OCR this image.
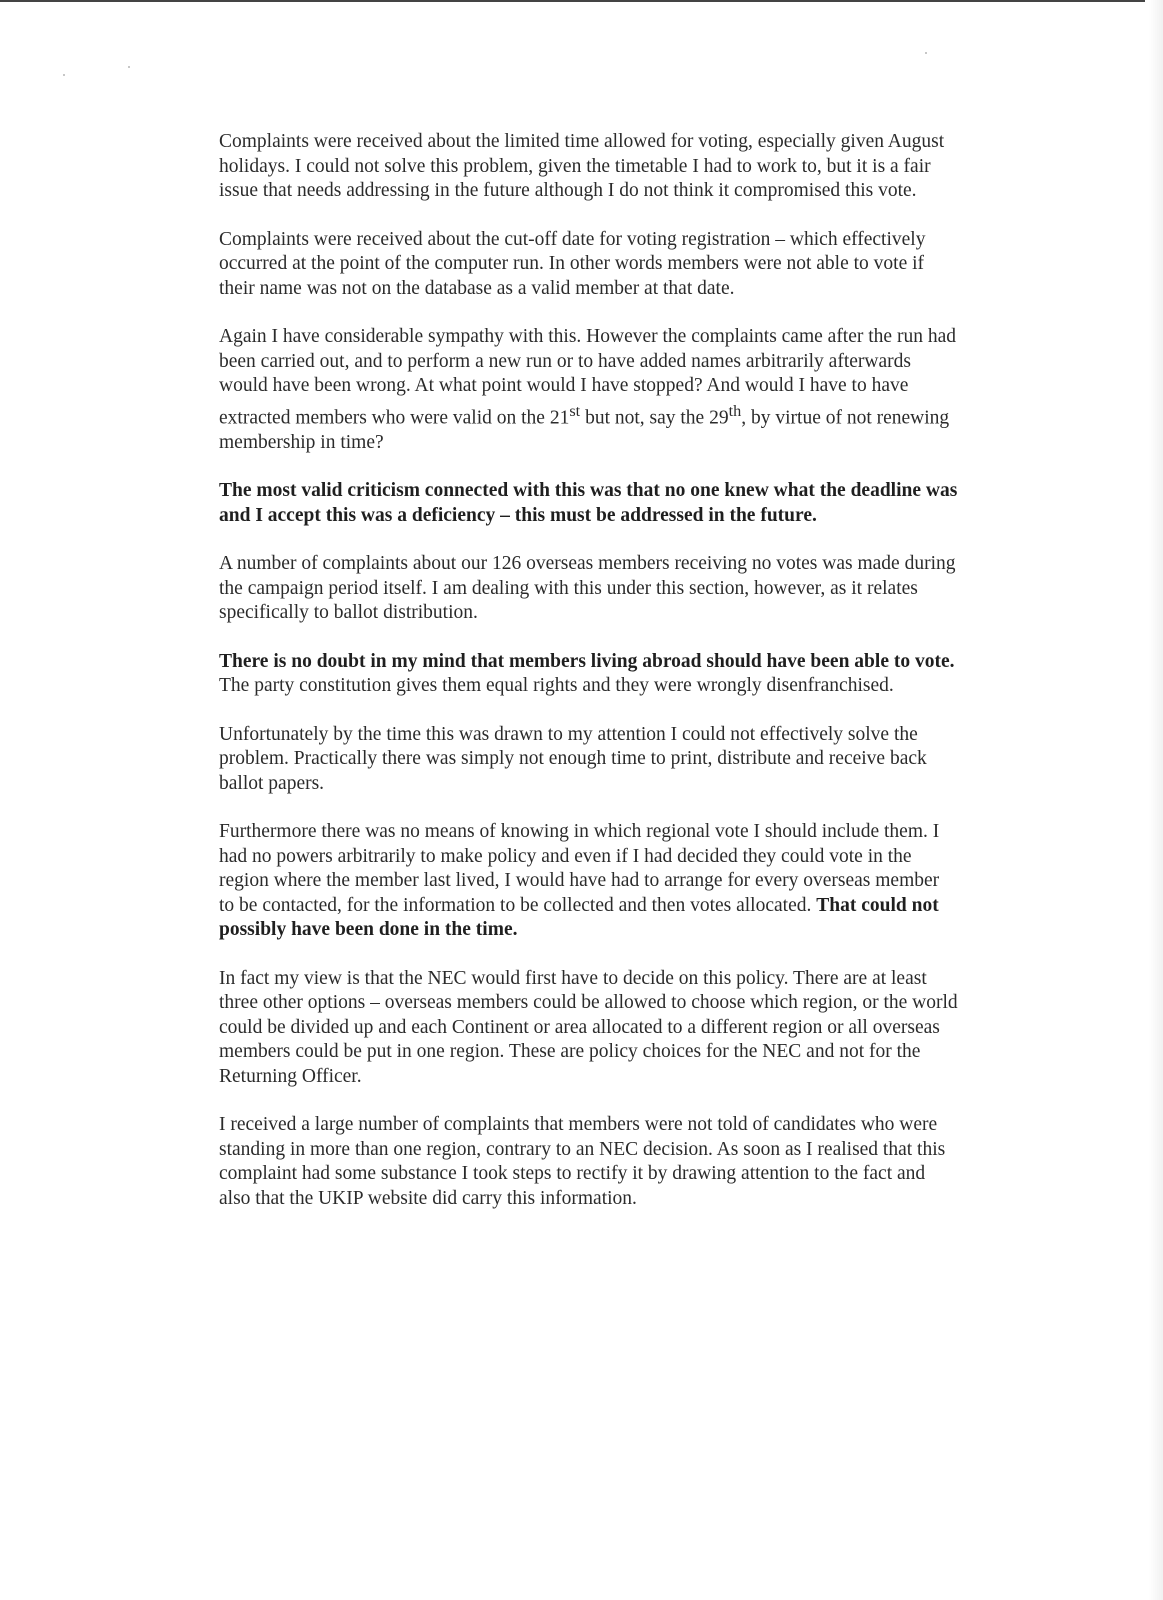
Complaints were received about the limited time allowed for voting, especially given August holidays. I could not solve this problem, given the timetable I had to work to, but it is a fair issue that needs addressing in the future although I do not think it compromised this vote.

Complaints were received about the cut-off date for voting registration – which effectively occurred at the point of the computer run. In other words members were not able to vote if their name was not on the database as a valid member at that date.

Again I have considerable sympathy with this. However the complaints came after the run had been carried out, and to perform a new run or to have added names arbitrarily afterwards would have been wrong. At what point would I have stopped? And would I have to have extracted members who were valid on the 21st but not, say the 29th, by virtue of not renewing membership in time?

The most valid criticism connected with this was that no one knew what the deadline was and I accept this was a deficiency – this must be addressed in the future.

A number of complaints about our 126 overseas members receiving no votes was made during the campaign period itself. I am dealing with this under this section, however, as it relates specifically to ballot distribution.

There is no doubt in my mind that members living abroad should have been able to vote. The party constitution gives them equal rights and they were wrongly disenfranchised.

Unfortunately by the time this was drawn to my attention I could not effectively solve the problem. Practically there was simply not enough time to print, distribute and receive back ballot papers.

Furthermore there was no means of knowing in which regional vote I should include them. I had no powers arbitrarily to make policy and even if I had decided they could vote in the region where the member last lived, I would have had to arrange for every overseas member to be contacted, for the information to be collected and then votes allocated. That could not possibly have been done in the time.

In fact my view is that the NEC would first have to decide on this policy. There are at least three other options – overseas members could be allowed to choose which region, or the world could be divided up and each Continent or area allocated to a different region or all overseas members could be put in one region. These are policy choices for the NEC and not for the Returning Officer.

I received a large number of complaints that members were not told of candidates who were standing in more than one region, contrary to an NEC decision. As soon as I realised that this complaint had some substance I took steps to rectify it by drawing attention to the fact and also that the UKIP website did carry this information.
